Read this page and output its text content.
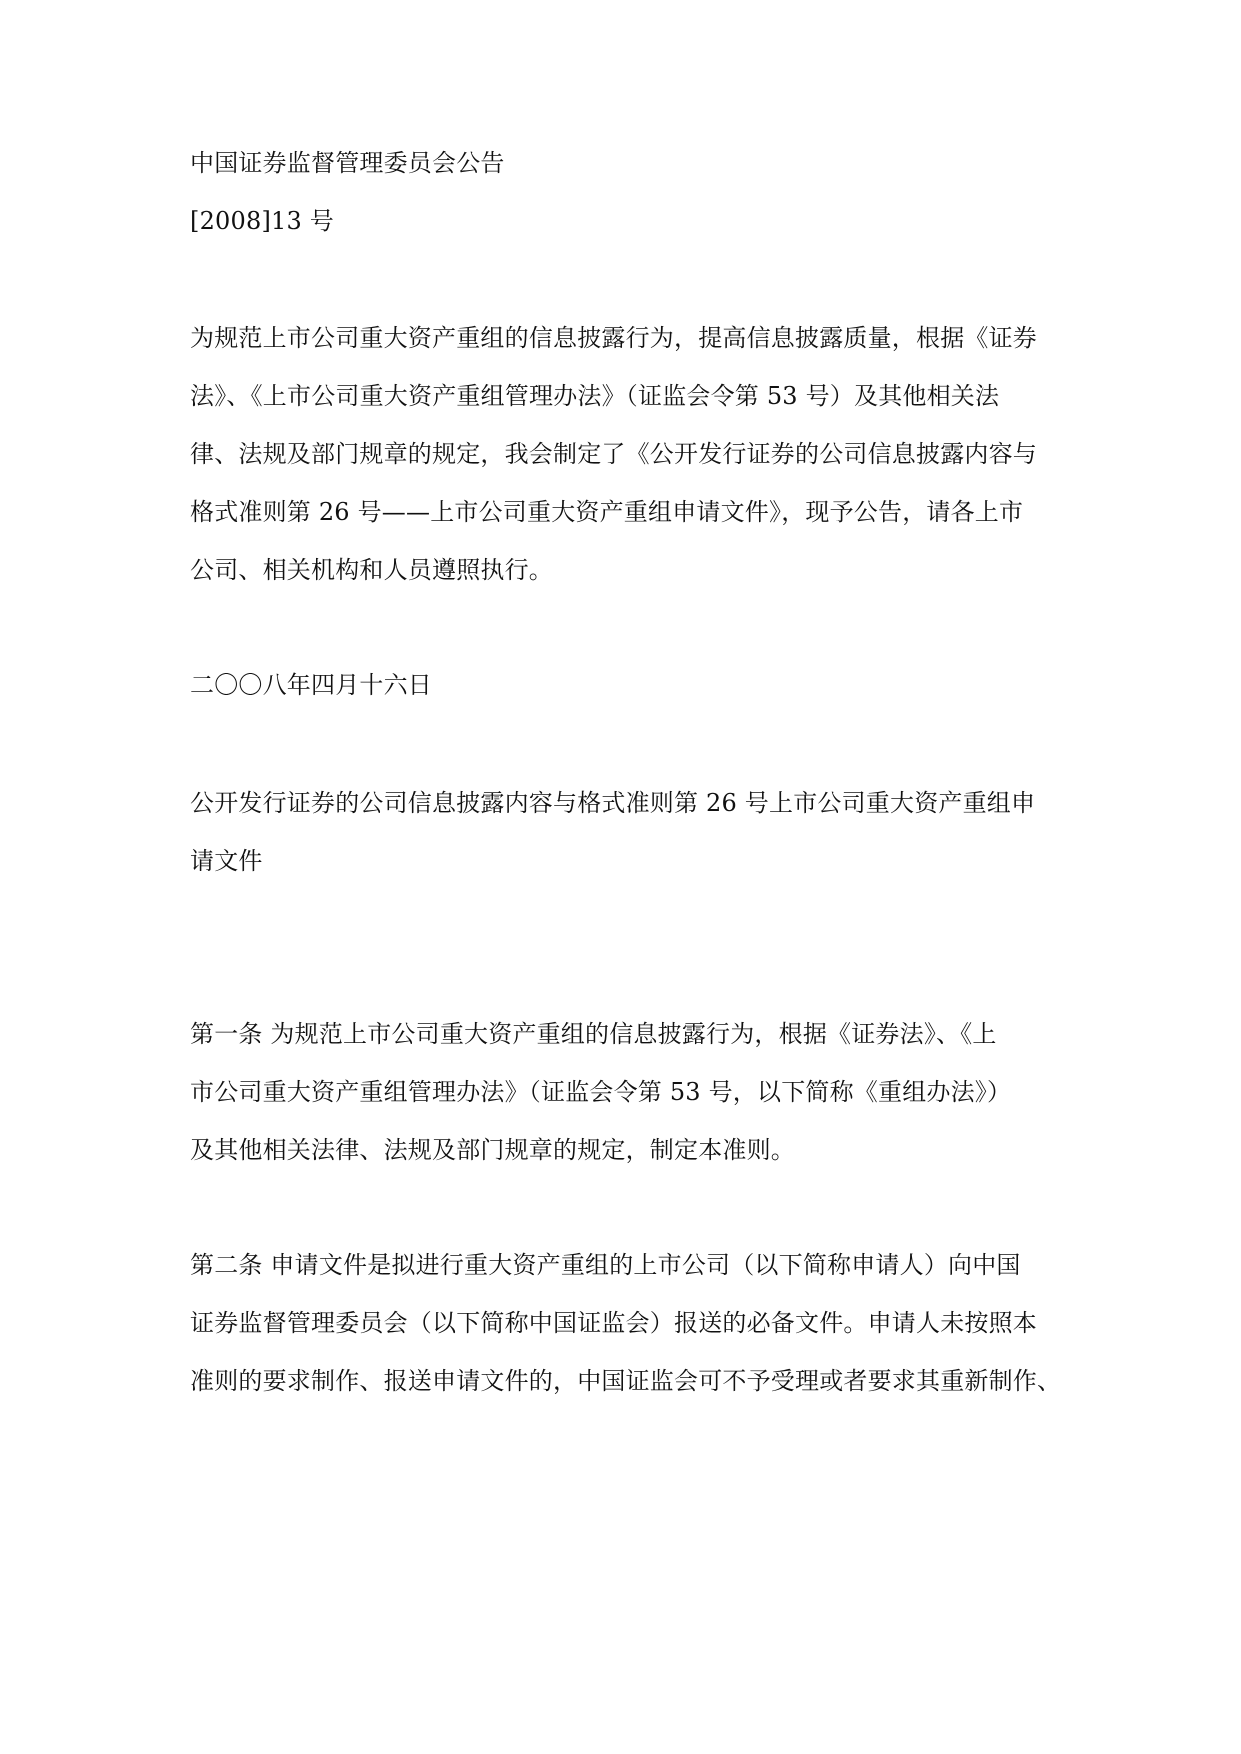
中国证券监督管理委员会公告
[2008]13 号
为规范上市公司重大资产重组的信息披露行为，提高信息披露质量，根据《证券
法》、《上市公司重大资产重组管理办法》（证监会令第 53 号）及其他相关法
律、法规及部门规章的规定，我会制定了《公开发行证券的公司信息披露内容与
格式准则第 26 号——上市公司重大资产重组申请文件》，现予公告，请各上市
公司、相关机构和人员遵照执行。
二〇〇八年四月十六日
公开发行证券的公司信息披露内容与格式准则第 26 号上市公司重大资产重组申
请文件
第一条 为规范上市公司重大资产重组的信息披露行为，根据《证券法》、《上
市公司重大资产重组管理办法》（证监会令第 53 号，以下简称《重组办法》）
及其他相关法律、法规及部门规章的规定，制定本准则。
第二条 申请文件是拟进行重大资产重组的上市公司（以下简称申请人）向中国
证券监督管理委员会（以下简称中国证监会）报送的必备文件。申请人未按照本
准则的要求制作、报送申请文件的，中国证监会可不予受理或者要求其重新制作、
